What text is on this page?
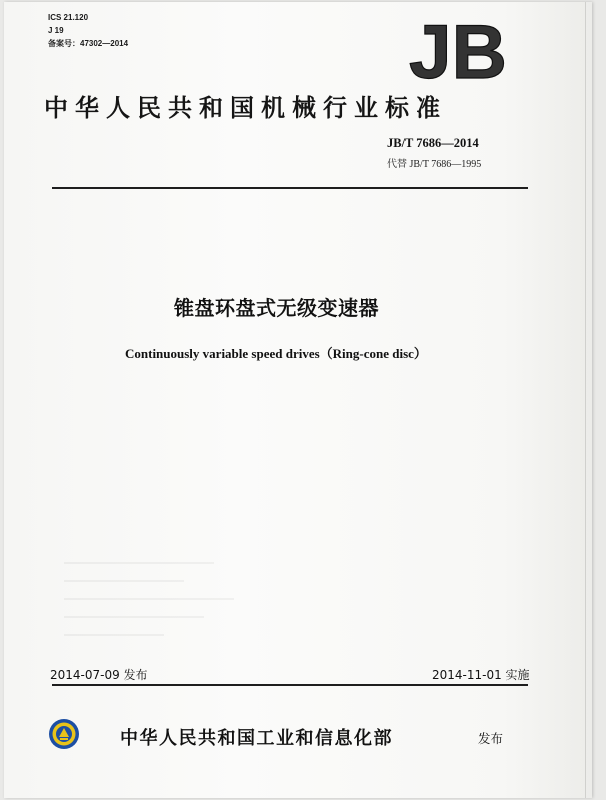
ICS 21.120
J 19
备案号：47302—2014	JB
中华人民共和国机械行业标准
JB/T 7686—2014
代替 JB/T 7686—1995
锥盘环盘式无级变速器
Continuously variable speed drives（Ring-cone disc）
2014-07-09 发布	2014-11-01 实施
中华人民共和国工业和信息化部	发布
